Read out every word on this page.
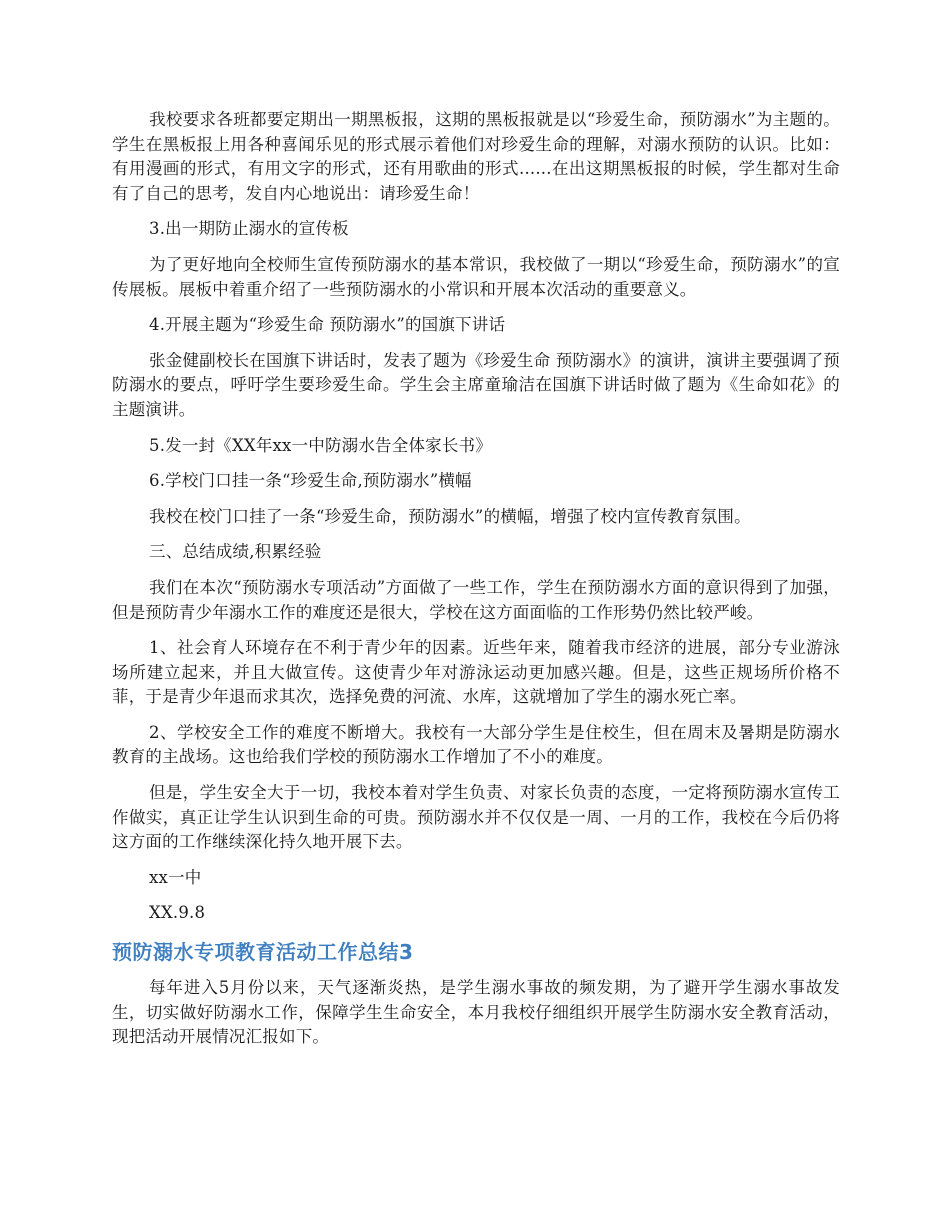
我校要求各班都要定期出一期黑板报，这期的黑板报就是以“珍爱生命，预防溺水”为主题的。学生在黑板报上用各种喜闻乐见的形式展示着他们对珍爱生命的理解，对溺水预防的认识。比如：有用漫画的形式，有用文字的形式，还有用歌曲的形式......在出这期黑板报的时候，学生都对生命有了自己的思考，发自内心地说出：请珍爱生命！

3.出一期防止溺水的宣传板

为了更好地向全校师生宣传预防溺水的基本常识，我校做了一期以“珍爱生命，预防溺水”的宣传展板。展板中着重介绍了一些预防溺水的小常识和开展本次活动的重要意义。

4.开展主题为“珍爱生命 预防溺水”的国旗下讲话

张金健副校长在国旗下讲话时，发表了题为《珍爱生命 预防溺水》的演讲，演讲主要强调了预防溺水的要点，呼吁学生要珍爱生命。学生会主席童瑜洁在国旗下讲话时做了题为《生命如花》的主题演讲。

5.发一封《XX年xx一中防溺水告全体家长书》

6.学校门口挂一条“珍爱生命,预防溺水”横幅

我校在校门口挂了一条“珍爱生命，预防溺水”的横幅，增强了校内宣传教育氛围。

三、总结成绩,积累经验

我们在本次“预防溺水专项活动”方面做了一些工作，学生在预防溺水方面的意识得到了加强，但是预防青少年溺水工作的难度还是很大，学校在这方面面临的工作形势仍然比较严峻。

1、社会育人环境存在不利于青少年的因素。近些年来，随着我市经济的进展，部分专业游泳场所建立起来，并且大做宣传。这使青少年对游泳运动更加感兴趣。但是，这些正规场所价格不菲，于是青少年退而求其次，选择免费的河流、水库，这就增加了学生的溺水死亡率。

2、学校安全工作的难度不断增大。我校有一大部分学生是住校生，但在周末及暑期是防溺水教育的主战场。这也给我们学校的预防溺水工作增加了不小的难度。

但是，学生安全大于一切，我校本着对学生负责、对家长负责的态度，一定将预防溺水宣传工作做实，真正让学生认识到生命的可贵。预防溺水并不仅仅是一周、一月的工作，我校在今后仍将这方面的工作继续深化持久地开展下去。

xx一中

XX.9.8

预防溺水专项教育活动工作总结3

每年进入5月份以来，天气逐渐炎热，是学生溺水事故的频发期，为了避开学生溺水事故发生，切实做好防溺水工作，保障学生生命安全，本月我校仔细组织开展学生防溺水安全教育活动，现把活动开展情况汇报如下。
